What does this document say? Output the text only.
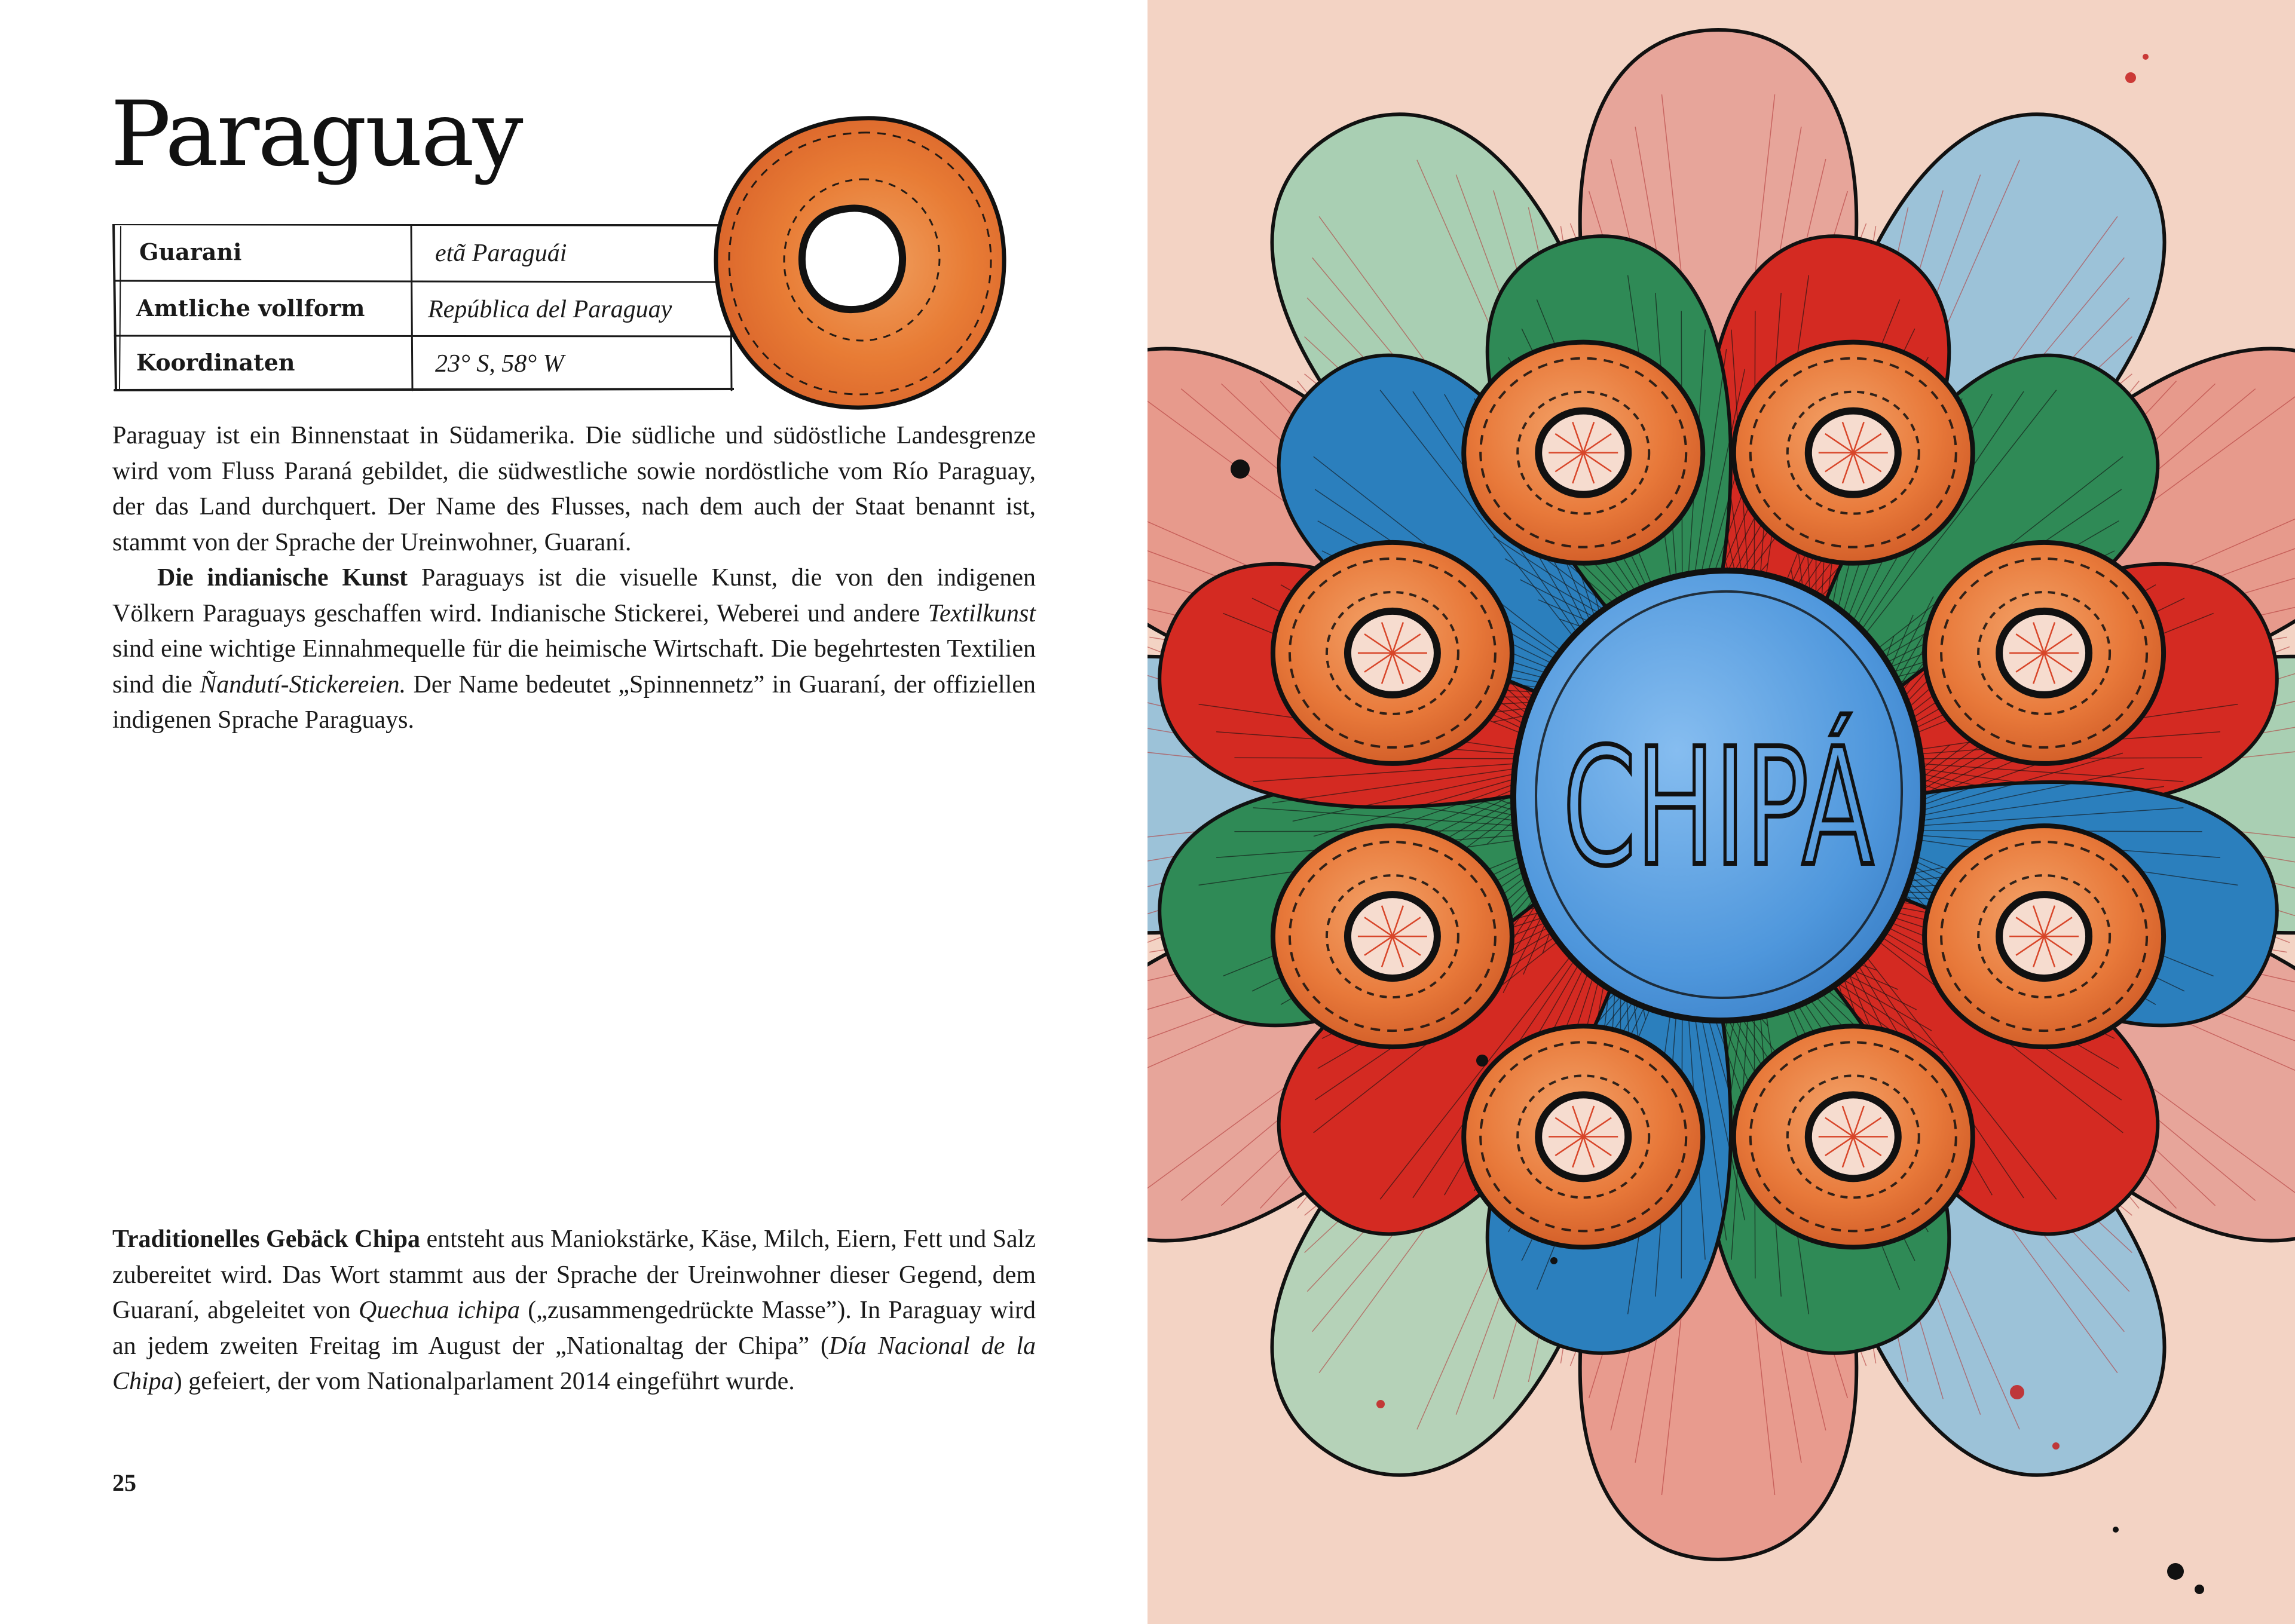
Paraguay
Guarani	etã Paraguái
Amtliche vollform	República del Paraguay
Koordinaten	23° S, 58° W

Paraguay ist ein Binnenstaat in Südamerika. Die südliche und südöstliche Landesgrenze wird vom Fluss Paraná gebildet, die südwestliche sowie nordöstliche vom Río Paraguay, der das Land durchquert. Der Name des Flusses, nach dem auch der Staat benannt ist, stammt von der Sprache der Ureinwohner, Guaraní.

Die indianische Kunst Paraguays ist die visuelle Kunst, die von den indigenen Völkern Paraguays geschaffen wird. Indianische Stickerei, Weberei und andere Textilkunst sind eine wichtige Einnahmequelle für die heimische Wirtschaft. Die begehrtesten Textilien sind die Ñandutí-Stickereien. Der Name bedeutet „Spinnennetz” in Guaraní, der offiziellen indigenen Sprache Paraguays.

Traditionelles Gebäck Chipa entsteht aus Maniokstärke, Käse, Milch, Eiern, Fett und Salz zubereitet wird. Das Wort stammt aus der Sprache der Ureinwohner dieser Gegend, dem Guaraní, abgeleitet von Quechua ichipa („zusammengedrückte Masse”). In Paraguay wird an jedem zweiten Freitag im August der „Nationaltag der Chipa” (Día Nacional de la Chipa) gefeiert, der vom Nationalparlament 2014 eingeführt wurde.

25
CHIPÁ
